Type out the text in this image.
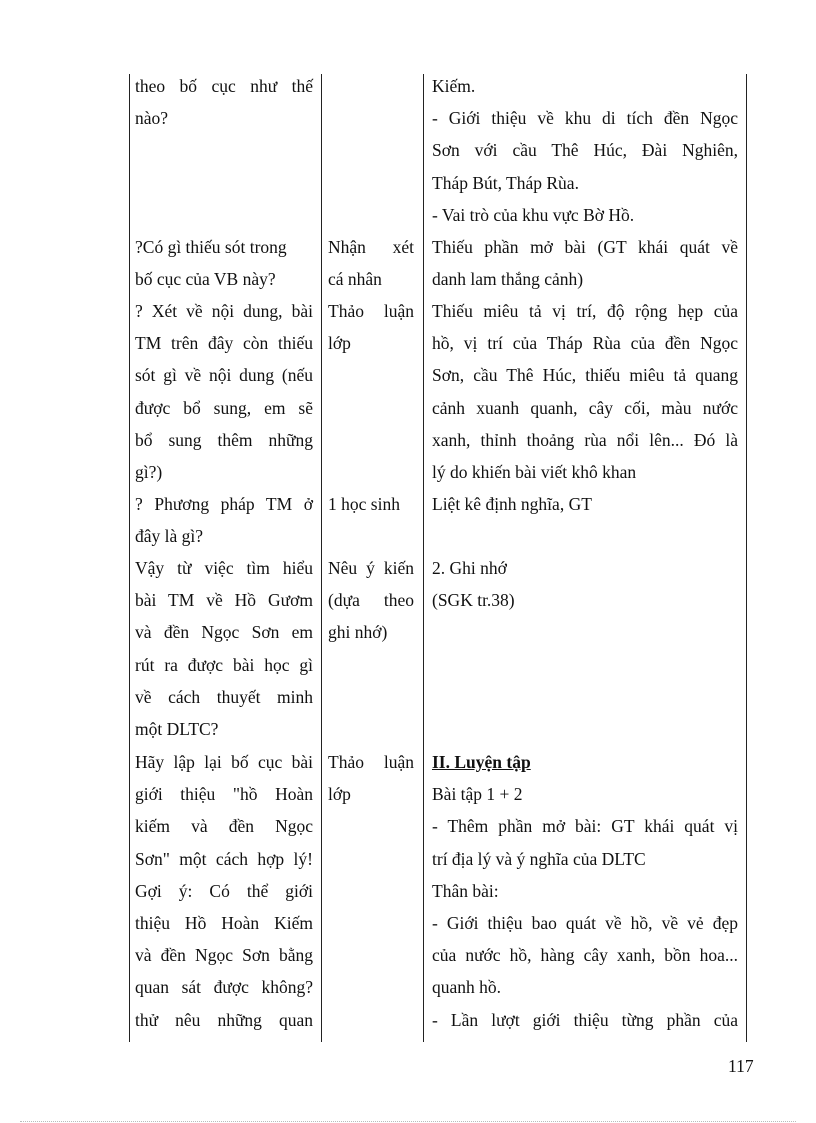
theo bố cục như thế
nào?
Kiếm.
- Giới thiệu về khu di tích đền Ngọc
Sơn với cầu Thê Húc, Đài Nghiên,
Tháp Bút, Tháp Rùa.
- Vai trò của khu vực Bờ Hồ.
?Có gì thiếu sót trong
bố cục của VB này?
Nhận xét
cá nhân
Thiếu phần mở bài (GT khái quát về
danh lam thắng cảnh)
? Xét về nội dung, bài
TM trên đây còn thiếu
sót gì về nội dung (nếu
được bổ sung, em sẽ
bổ sung thêm những
gì?)
Thảo luận
lớp
Thiếu miêu tả vị trí, độ rộng hẹp của
hồ, vị trí của Tháp Rùa của đền Ngọc
Sơn, cầu Thê Húc, thiếu miêu tả quang
cảnh xuanh quanh, cây cối, màu nước
xanh, thỉnh thoảng rùa nổi lên... Đó là
lý do khiến bài viết khô khan
? Phương pháp TM ở
đây là gì?
1 học sinh	Liệt kê định nghĩa, GT
Vậy từ việc tìm hiểu
bài TM về Hồ Gươm
và đền Ngọc Sơn em
rút ra được bài học gì
về cách thuyết minh
một DLTC?
Nêu ý kiến
(dựa theo
ghi nhớ)
2. Ghi nhớ
(SGK tr.38)
Hãy lập lại bố cục bài
giới thiệu "hồ Hoàn
kiếm và đền Ngọc
Sơn" một cách hợp lý!
Gợi ý: Có thể giới
thiệu Hồ Hoàn Kiếm
và đền Ngọc Sơn bằng
quan sát được không?
thử nêu những quan
Thảo luận
lớp
II. Luyện tập
Bài tập 1 + 2
- Thêm phần mở bài: GT khái quát vị
trí địa lý và ý nghĩa của DLTC
Thân bài:
- Giới thiệu bao quát về hồ, về vẻ đẹp
của nước hồ, hàng cây xanh, bồn hoa...
quanh hồ.
- Lần lượt giới thiệu từng phần của
117
